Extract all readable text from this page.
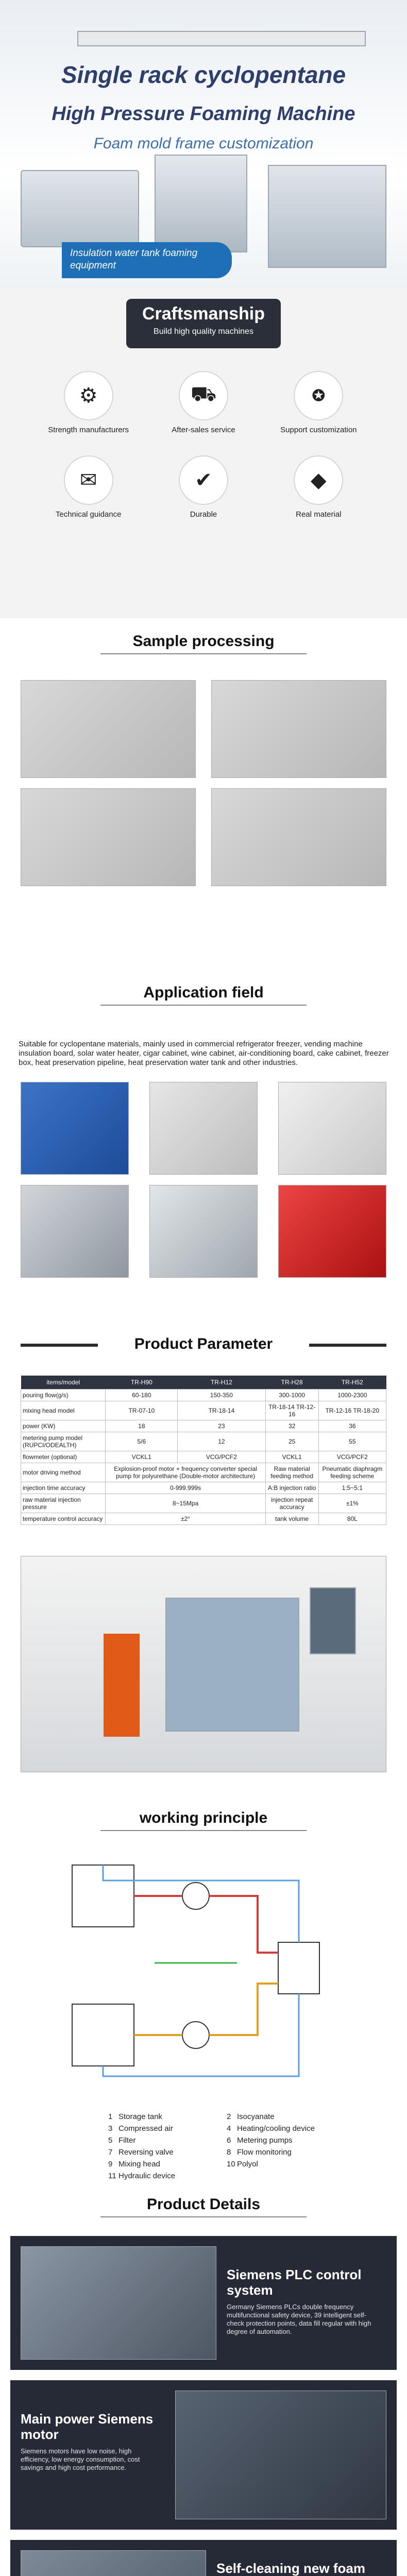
Single rack cyclopentane
High Pressure Foaming Machine
Foam mold frame customization
Insulation water tank foaming equipment
Craftsmanship

Build high quality machines

⚙

Strength manufacturers

⛟

After-sales service

✪

Support customization

✉

Technical guidance

✔

Durable

◆

Real material

Sample processing
Application field
Suitable for cyclopentane materials, mainly used in commercial refrigerator freezer, vending machine insulation board, solar water heater, cigar cabinet, wine cabinet, air-conditioning board, cake cabinet, freezer box, heat preservation pipeline, heat preservation water tank and other industries.
Product Parameter
items/model	TR-H90	TR-H12	TR-H28	TR-H52
pouring flow(g/s)	60-180	150-350	300-1000	1000-2300
mixing head model	TR-07-10	TR-18-14	TR-18-14 TR-12-16	TR-12-16 TR-18-20
power (KW)	18	23	32	36
metering pump model (RUPCI/ODEALTH)	5/6	12	25	55
flowmeter (optional)	VCKL1	VCG/PCF2	VCKL1	VCG/PCF2
motor driving method	Explosion-proof motor + frequency converter special pump for polyurethane (Double-motor architecture)		Raw material feeding method	Pneumatic diaphragm feeding scheme
injection time accuracy	0-999.999s		A:B injection ratio	1:5~5:1
raw material injection pressure	8~15Mpa		injection repeat accuracy	±1%
temperature control accuracy	±2°		tank volume	80L
working principle
1 Storage tank	2 Isocyanate
3 Compressed air	4 Heating/cooling device
5 Filter	6 Metering pumps
7 Reversing valve	8 Flow monitoring
9 Mixing head	10 Polyol
11 Hydraulic device
Product Details
Siemens PLC control system
Germany Siemens PLCs double frequency multifunctional safety device, 39 intelligent self-check protection points, data fill regular with high degree of automation.
Main power Siemens motor
Siemens motors have low noise, high efficiency, low energy consumption, cost savings and high cost performance.
Self-cleaning new foam
